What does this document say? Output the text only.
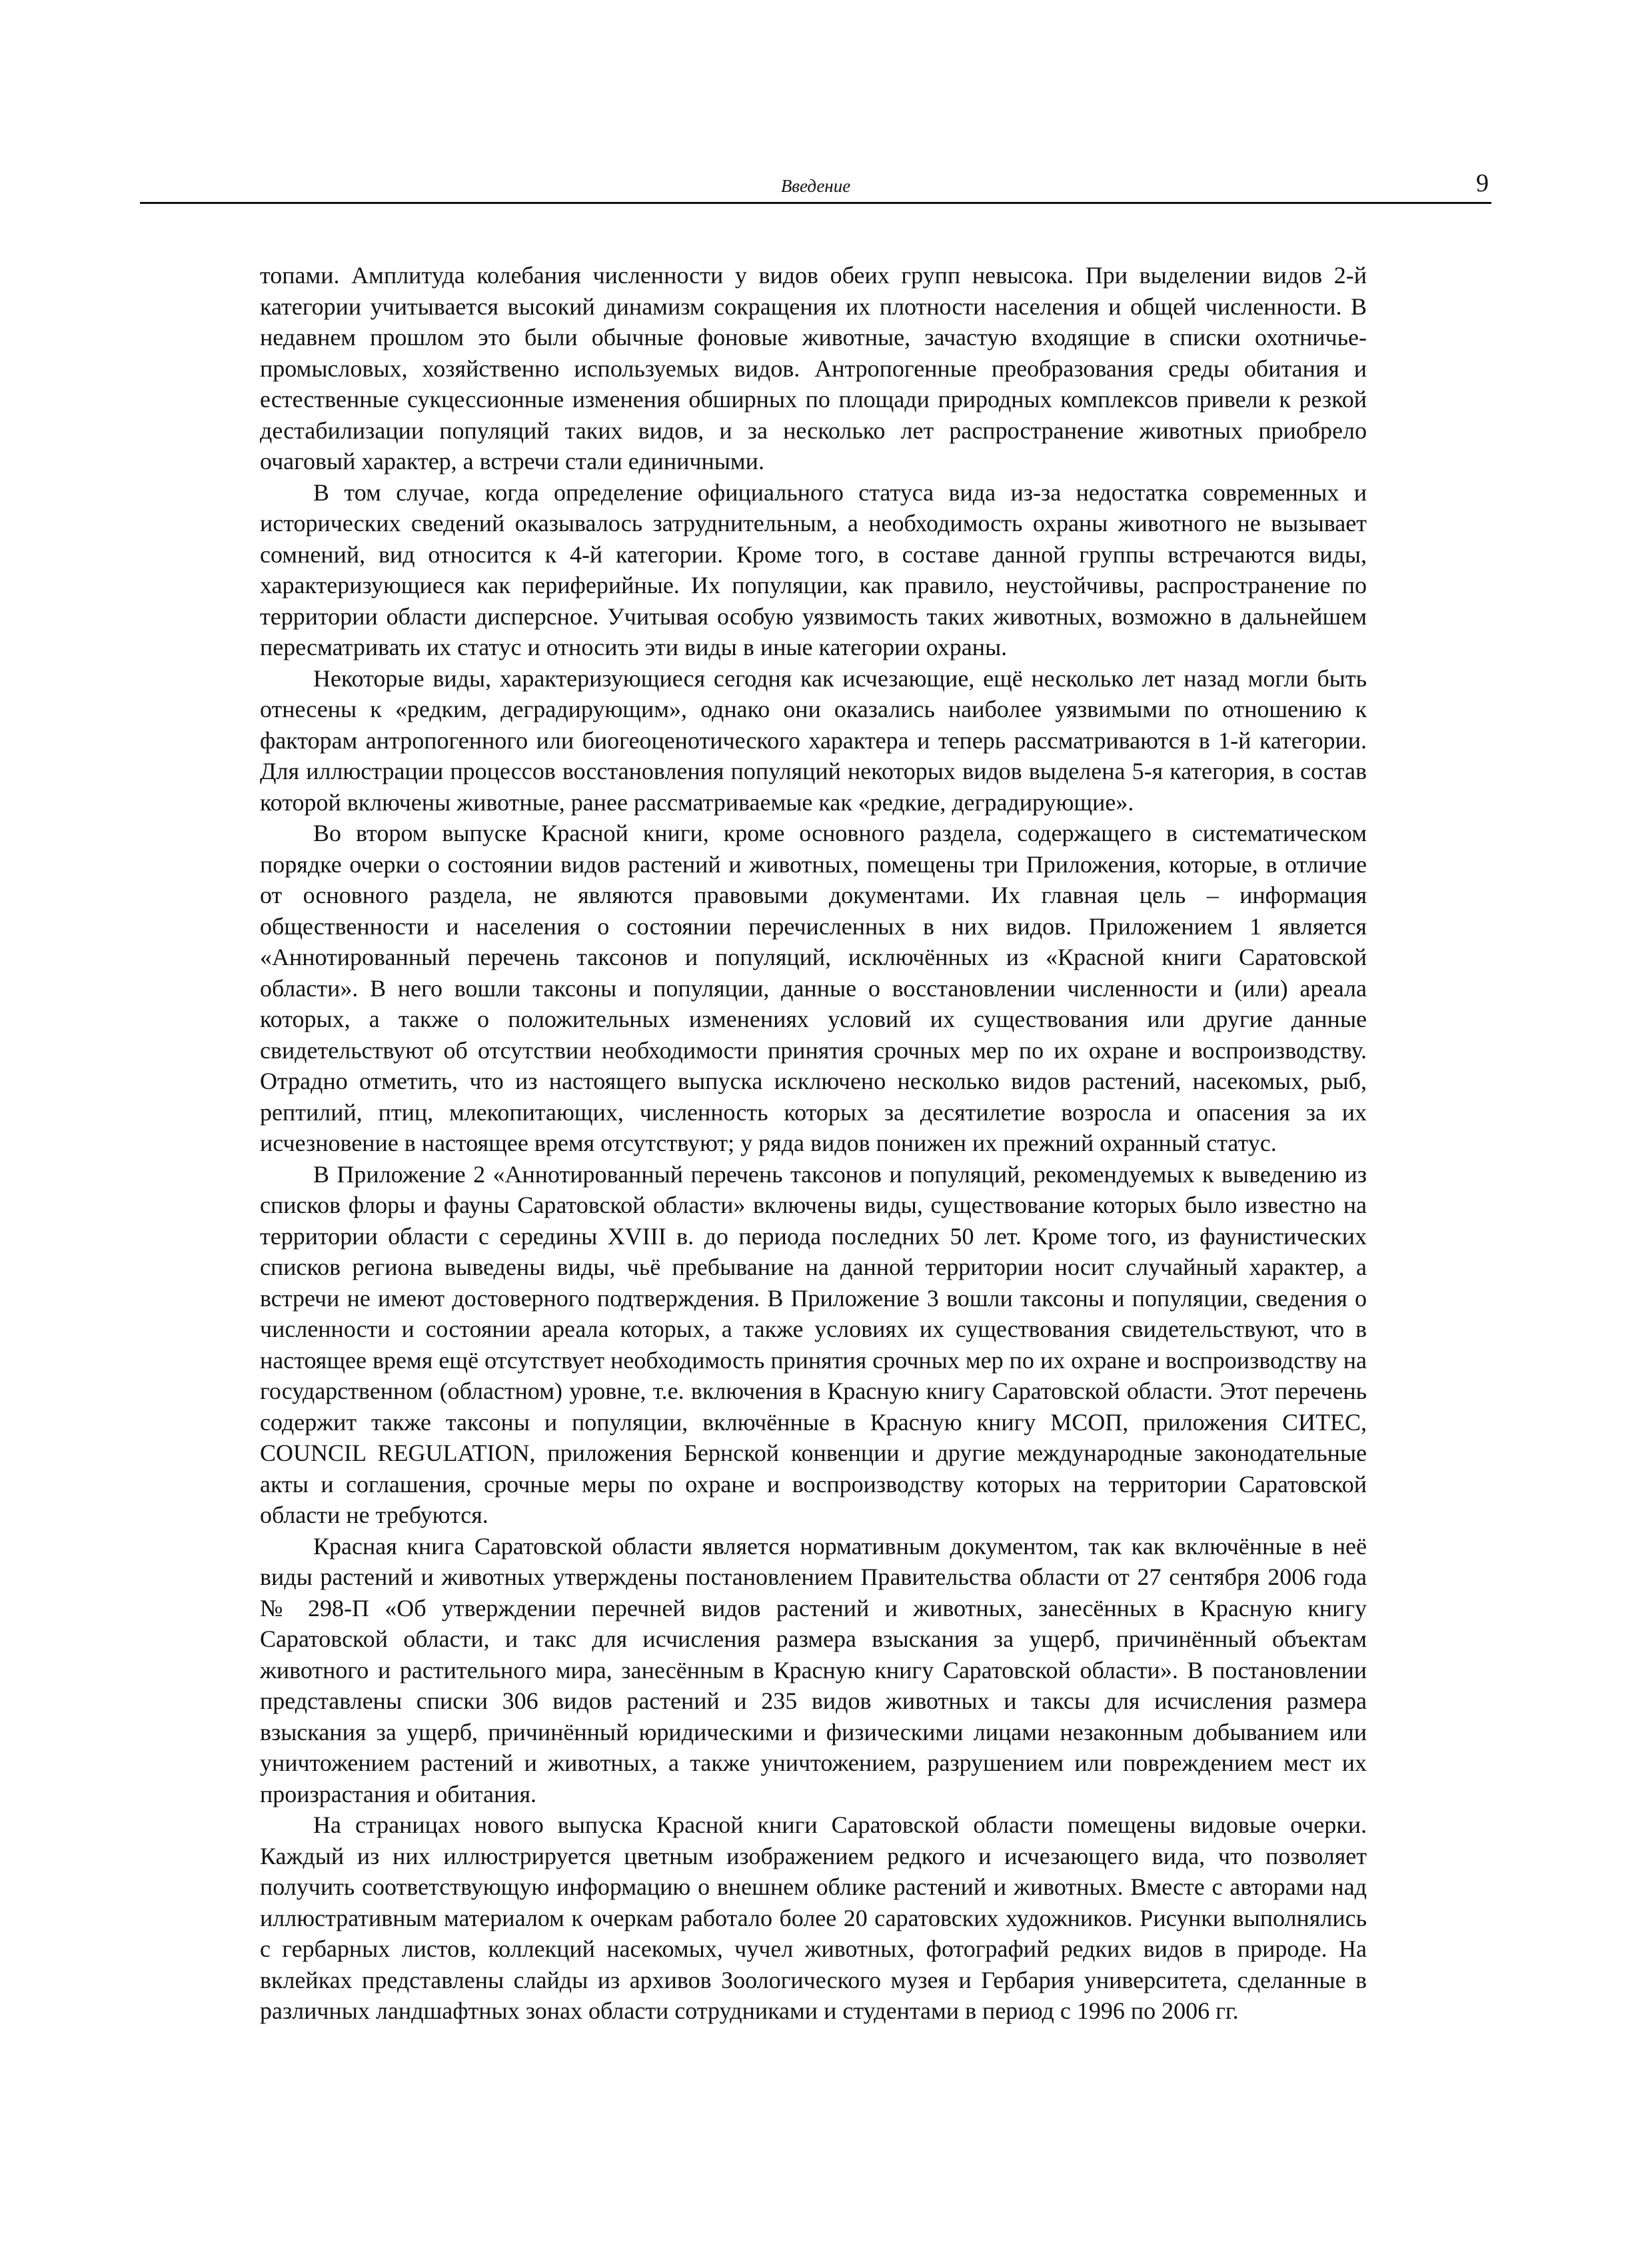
Введение	9

топами. Амплитуда колебания численности у видов обеих групп невысока. При выделении видов 2-й категории учитывается высокий динамизм сокращения их плотности населения и общей численности. В недавнем прошлом это были обычные фоновые животные, зачастую входящие в списки охотничье-промысловых, хозяйственно используемых видов. Антропогенные преобразования среды обитания и естественные сукцессионные изменения обширных по площади природных комплексов привели к резкой дестабилизации популяций таких видов, и за несколько лет распространение животных приобрело очаговый характер, а встречи стали единичными.

В том случае, когда определение официального статуса вида из-за недостатка современных и исторических сведений оказывалось затруднительным, а необходимость охраны животного не вызывает сомнений, вид относится к 4-й категории. Кроме того, в составе данной группы встречаются виды, характеризующиеся как периферийные. Их популяции, как правило, неустойчивы, распространение по территории области дисперсное. Учитывая особую уязвимость таких животных, возможно в дальнейшем пересматривать их статус и относить эти виды в иные категории охраны.

Некоторые виды, характеризующиеся сегодня как исчезающие, ещё несколько лет назад могли быть отнесены к «редким, деградирующим», однако они оказались наиболее уязвимыми по отношению к факторам антропогенного или биогеоценотического характера и теперь рассматриваются в 1-й категории. Для иллюстрации процессов восстановления популяций некоторых видов выделена 5-я категория, в состав которой включены животные, ранее рассматриваемые как «редкие, деградирующие».

Во втором выпуске Красной книги, кроме основного раздела, содержащего в систематическом порядке очерки о состоянии видов растений и животных, помещены три Приложения, которые, в отличие от основного раздела, не являются правовыми документами. Их главная цель – информация общественности и населения о состоянии перечисленных в них видов. Приложением 1 является «Аннотированный перечень таксонов и популяций, исключённых из «Красной книги Саратовской области». В него вошли таксоны и популяции, данные о восстановлении численности и (или) ареала которых, а также о положительных изменениях условий их существования или другие данные свидетельствуют об отсутствии необходимости принятия срочных мер по их охране и воспроизводству. Отрадно отметить, что из настоящего выпуска исключено несколько видов растений, насекомых, рыб, рептилий, птиц, млекопитающих, численность которых за десятилетие возросла и опасения за их исчезновение в настоящее время отсутствуют; у ряда видов понижен их прежний охранный статус.

В Приложение 2 «Аннотированный перечень таксонов и популяций, рекомендуемых к выведению из списков флоры и фауны Саратовской области» включены виды, существование которых было известно на территории области с середины XVIII в. до периода последних 50 лет. Кроме того, из фаунистических списков региона выведены виды, чьё пребывание на данной территории носит случайный характер, а встречи не имеют достоверного подтверждения. В Приложение 3 вошли таксоны и популяции, сведения о численности и состоянии ареала которых, а также условиях их существования свидетельствуют, что в настоящее время ещё отсутствует необходимость принятия срочных мер по их охране и воспроизводству на государственном (областном) уровне, т.е. включения в Красную книгу Саратовской области. Этот перечень содержит также таксоны и популяции, включённые в Красную книгу МСОП, приложения СИТЕС, COUNCIL REGULATION, приложения Бернской конвенции и другие международные законодательные акты и соглашения, срочные меры по охране и воспроизводству которых на территории Саратовской области не требуются.

Красная книга Саратовской области является нормативным документом, так как включённые в неё виды растений и животных утверждены постановлением Правительства области от 27 сентября 2006 года № 298-П «Об утверждении перечней видов растений и животных, занесённых в Красную книгу Саратовской области, и такс для исчисления размера взыскания за ущерб, причинённый объектам животного и растительного мира, занесённым в Красную книгу Саратовской области». В постановлении представлены списки 306 видов растений и 235 видов животных и таксы для исчисления размера взыскания за ущерб, причинённый юридическими и физическими лицами незаконным добыванием или уничтожением растений и животных, а также уничтожением, разрушением или повреждением мест их произрастания и обитания.

На страницах нового выпуска Красной книги Саратовской области помещены видовые очерки. Каждый из них иллюстрируется цветным изображением редкого и исчезающего вида, что позволяет получить соответствующую информацию о внешнем облике растений и животных. Вместе с авторами над иллюстративным материалом к очеркам работало более 20 саратовских художников. Рисунки выполнялись с гербарных листов, коллекций насекомых, чучел животных, фотографий редких видов в природе. На вклейках представлены слайды из архивов Зоологического музея и Гербария университета, сделанные в различных ландшафтных зонах области сотрудниками и студентами в период с 1996 по 2006 гг.
